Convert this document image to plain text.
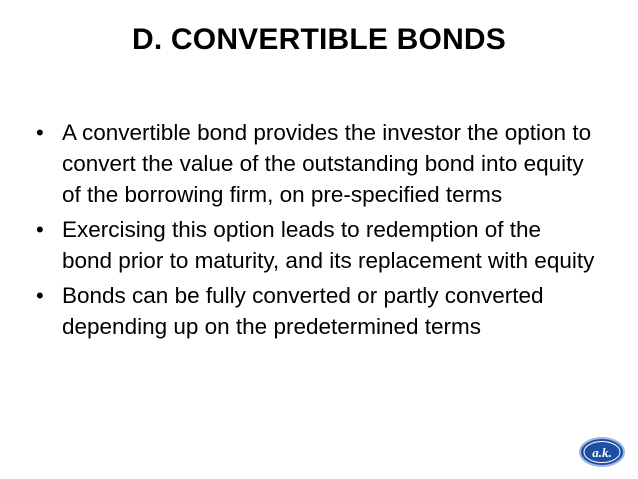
D. CONVERTIBLE BONDS
• A convertible bond provides the investor the option to convert the value of the outstanding bond into equity of the borrowing firm, on pre-specified terms
• Exercising this option leads to redemption of the bond prior to maturity, and its replacement with equity
• Bonds can be fully converted or partly converted depending up on the predetermined terms
a.k.
